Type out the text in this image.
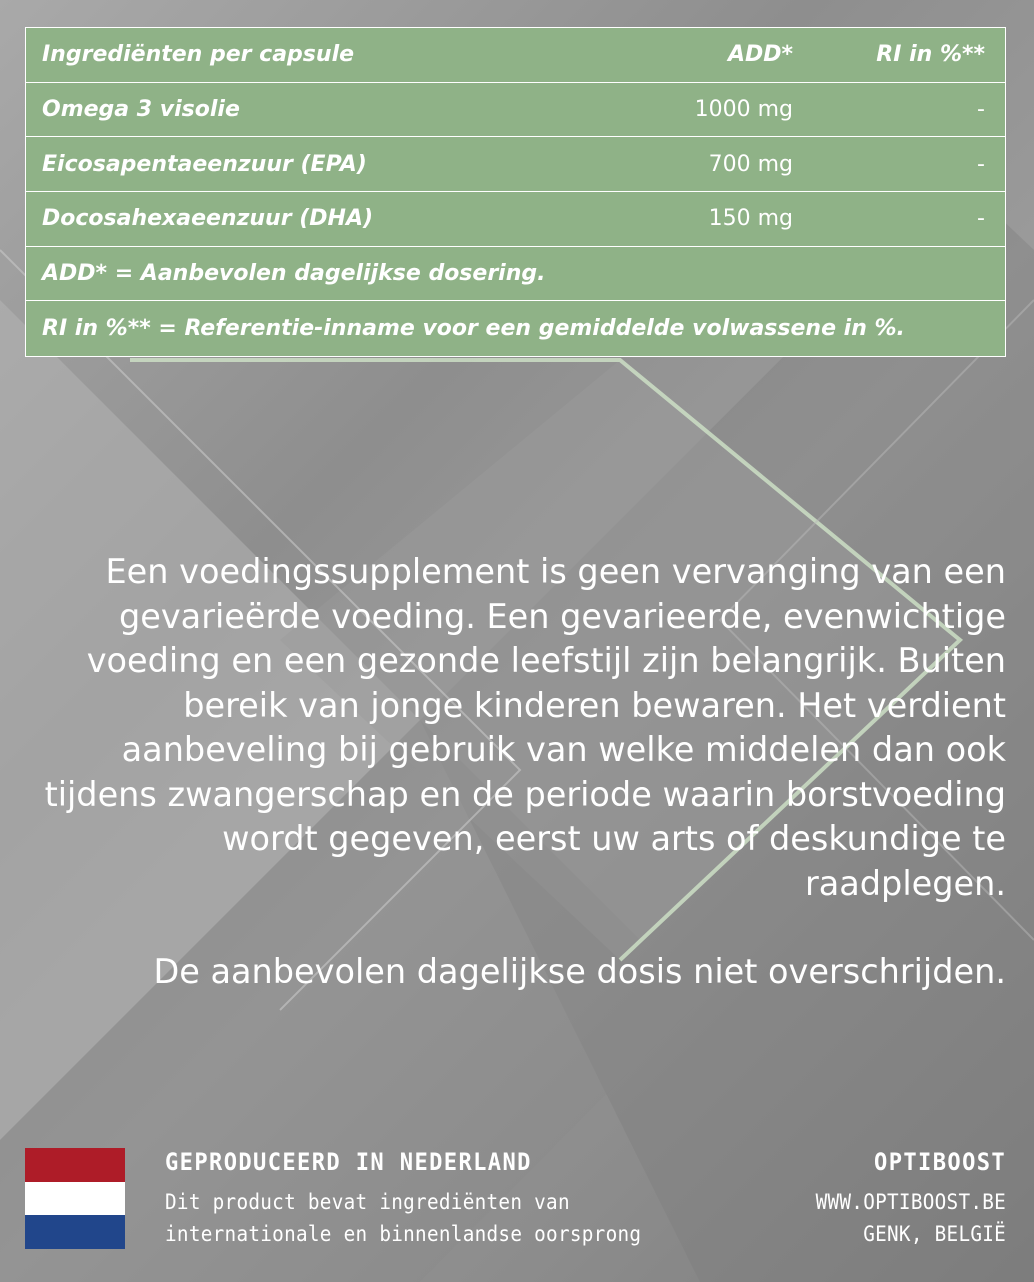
Ingrediënten per capsule	ADD*	RI in %**
Omega 3 visolie	1000 mg	-
Eicosapentaeenzuur (EPA)	700 mg	-
Docosahexaeenzuur (DHA)	150 mg	-
ADD* = Aanbevolen dagelijkse dosering.
RI in %** = Referentie-inname voor een gemiddelde volwassene in %.

Een voedingssupplement is geen vervanging van een gevarieërde voeding. Een gevarieerde, evenwichtige voeding en een gezonde leefstijl zijn belangrijk. Buiten bereik van jonge kinderen bewaren. Het verdient aanbeveling bij gebruik van welke middelen dan ook tijdens zwangerschap en de periode waarin borstvoeding wordt gegeven, eerst uw arts of deskundige te raadplegen.

De aanbevolen dagelijkse dosis niet overschrijden.

GEPRODUCEERD IN NEDERLAND
Dit product bevat ingrediënten van
internationale en binnenlandse oorsprong
OPTIBOOST
WWW.OPTIBOOST.BE
GENK, BELGIË
